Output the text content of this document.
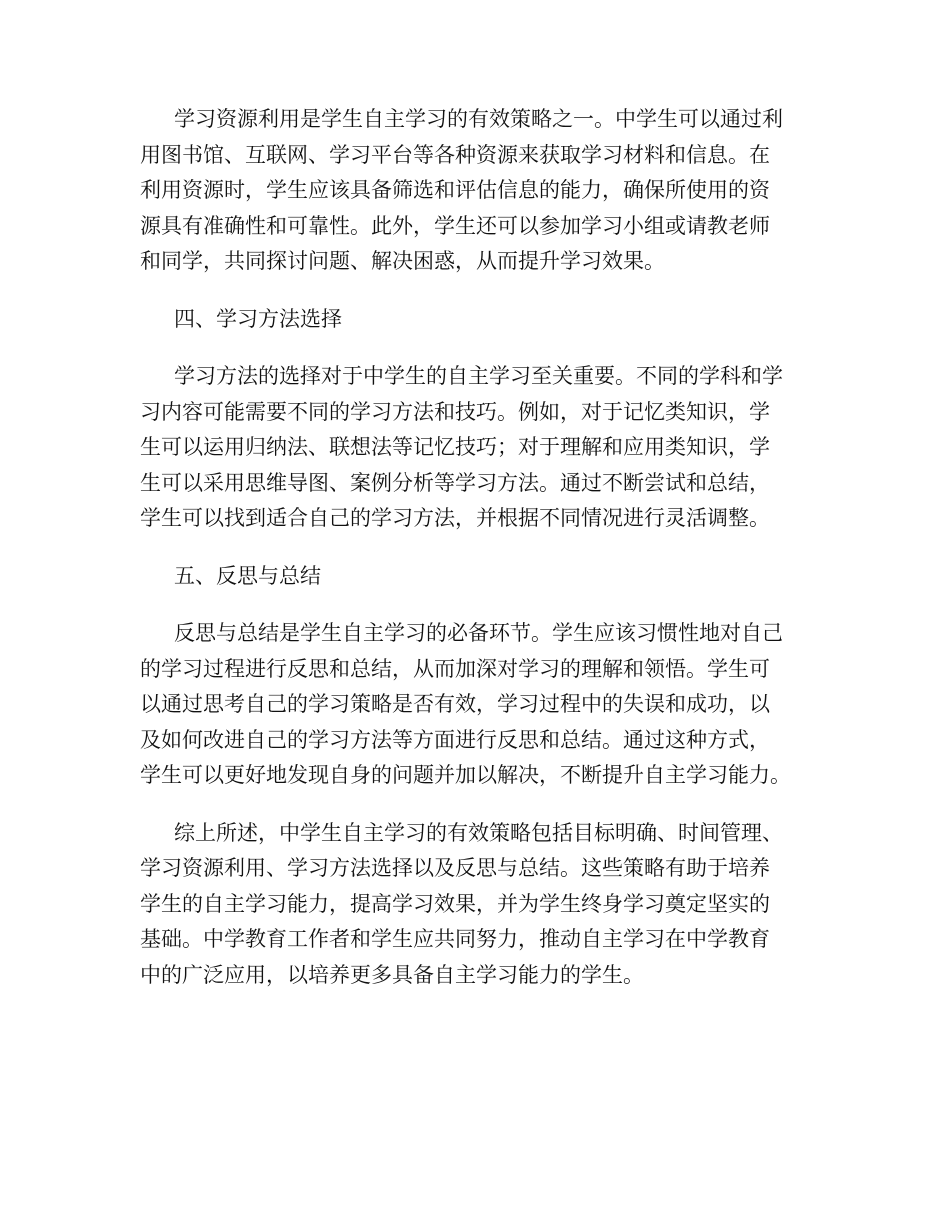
学习资源利用是学生自主学习的有效策略之一。中学生可以通过利
用图书馆、互联网、学习平台等各种资源来获取学习材料和信息。在
利用资源时，学生应该具备筛选和评估信息的能力，确保所使用的资
源具有准确性和可靠性。此外，学生还可以参加学习小组或请教老师
和同学，共同探讨问题、解决困惑，从而提升学习效果。
四、学习方法选择
学习方法的选择对于中学生的自主学习至关重要。不同的学科和学
习内容可能需要不同的学习方法和技巧。例如，对于记忆类知识，学
生可以运用归纳法、联想法等记忆技巧；对于理解和应用类知识，学
生可以采用思维导图、案例分析等学习方法。通过不断尝试和总结，
学生可以找到适合自己的学习方法，并根据不同情况进行灵活调整。
五、反思与总结
反思与总结是学生自主学习的必备环节。学生应该习惯性地对自己
的学习过程进行反思和总结，从而加深对学习的理解和领悟。学生可
以通过思考自己的学习策略是否有效，学习过程中的失误和成功，以
及如何改进自己的学习方法等方面进行反思和总结。通过这种方式，
学生可以更好地发现自身的问题并加以解决，不断提升自主学习能力。
综上所述，中学生自主学习的有效策略包括目标明确、时间管理、
学习资源利用、学习方法选择以及反思与总结。这些策略有助于培养
学生的自主学习能力，提高学习效果，并为学生终身学习奠定坚实的
基础。中学教育工作者和学生应共同努力，推动自主学习在中学教育
中的广泛应用，以培养更多具备自主学习能力的学生。
